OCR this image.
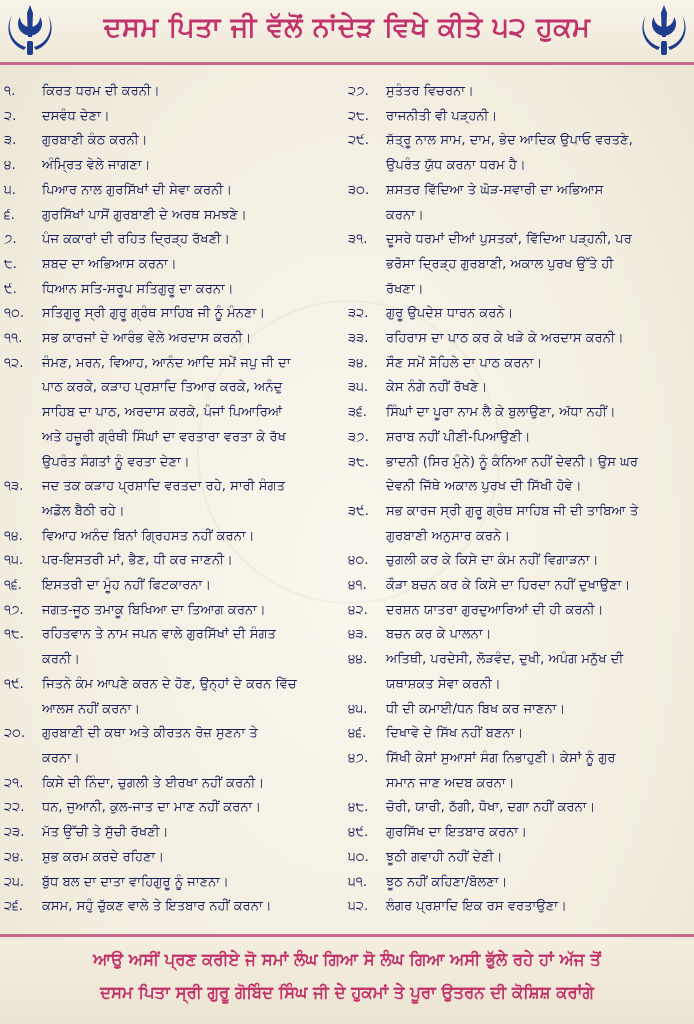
ਦਸਮ ਪਿਤਾ ਜੀ ਵੱਲੋਂ ਨਾਂਦੇੜ ਵਿਖੇ ਕੀਤੇ ੫੨ ਹੁਕਮ
੧.	ਕਿਰਤ ਧਰਮ ਦੀ ਕਰਨੀ।
੨.	ਦਸਵੰਧ ਦੇਣਾ।
੩.	ਗੁਰਬਾਣੀ ਕੰਠ ਕਰਨੀ।
੪.	ਅੰਮ੍ਰਿਤ ਵੇਲੇ ਜਾਗਣਾ।
੫.	ਪਿਆਰ ਨਾਲ ਗੁਰਸਿੱਖਾਂ ਦੀ ਸੇਵਾ ਕਰਨੀ।
੬.	ਗੁਰਸਿੱਖਾਂ ਪਾਸੋਂ ਗੁਰਬਾਣੀ ਦੇ ਅਰਥ ਸਮਝਣੇ।
੭.	ਪੰਜ ਕਕਾਰਾਂ ਦੀ ਰਹਿਤ ਦ੍ਰਿੜ੍ਹ ਰੱਖਣੀ।
੮.	ਸ਼ਬਦ ਦਾ ਅਭਿਆਸ ਕਰਨਾ।
੯.	ਧਿਆਨ ਸਤਿ-ਸਰੂਪ ਸਤਿਗੁਰੂ ਦਾ ਕਰਨਾ।
੧੦.	ਸਤਿਗੁਰੂ ਸ੍ਰੀ ਗੁਰੂ ਗ੍ਰੰਥ ਸਾਹਿਬ ਜੀ ਨੂੰ ਮੰਨਣਾ।
੧੧.	ਸਭ ਕਾਰਜਾਂ ਦੇ ਆਰੰਭ ਵੇਲੇ ਅਰਦਾਸ ਕਰਨੀ।
੧੨.	ਜੰਮਣ, ਮਰਨ, ਵਿਆਹ, ਆਨੰਦ ਆਦਿ ਸਮੇਂ ਜਪੁ ਜੀ ਦਾ
ਪਾਠ ਕਰਕੇ, ਕੜਾਹ ਪ੍ਰਸ਼ਾਦਿ ਤਿਆਰ ਕਰਕੇ, ਅਨੰਦੁ
ਸਾਹਿਬ ਦਾ ਪਾਠ, ਅਰਦਾਸ ਕਰਕੇ, ਪੰਜਾਂ ਪਿਆਰਿਆਂ
ਅਤੇ ਹਜ਼ੂਰੀ ਗ੍ਰੰਥੀ ਸਿੰਘਾਂ ਦਾ ਵਰਤਾਰਾ ਵਰਤਾ ਕੇ ਰੱਖ
ਉਪਰੰਤ ਸੰਗਤਾਂ ਨੂੰ ਵਰਤਾ ਦੇਣਾ।
੧੩.	ਜਦ ਤਕ ਕੜਾਹ ਪ੍ਰਸ਼ਾਦਿ ਵਰਤਦਾ ਰਹੇ, ਸਾਰੀ ਸੰਗਤ
ਅਡੋਲ ਬੈਠੀ ਰਹੇ।
੧੪.	ਵਿਆਹ ਅਨੰਦ ਬਿਨਾਂ ਗ੍ਰਿਹਸਤ ਨਹੀਂ ਕਰਨਾ।
੧੫.	ਪਰ-ਇਸਤਰੀ ਮਾਂ, ਭੈਣ, ਧੀ ਕਰ ਜਾਣਨੀ।
੧੬.	ਇਸਤਰੀ ਦਾ ਮੂੰਹ ਨਹੀਂ ਫਿਟਕਾਰਨਾ।
੧੭.	ਜਗਤ-ਜੂਠ ਤਮਾਕੂ ਬਿਖਿਆ ਦਾ ਤਿਆਗ ਕਰਨਾ।
੧੮.	ਰਹਿਤਵਾਨ ਤੇ ਨਾਮ ਜਪਨ ਵਾਲੇ ਗੁਰਸਿੱਖਾਂ ਦੀ ਸੰਗਤ
ਕਰਨੀ।
੧੯.	ਜਿਤਨੇ ਕੰਮ ਆਪਣੇ ਕਰਨ ਦੇ ਹੋਣ, ਉਨ੍ਹਾਂ ਦੇ ਕਰਨ ਵਿੱਚ
ਆਲਸ ਨਹੀਂ ਕਰਨਾ।
੨੦.	ਗੁਰਬਾਣੀ ਦੀ ਕਥਾ ਅਤੇ ਕੀਰਤਨ ਰੋਜ਼ ਸੁਣਨਾ ਤੇ
ਕਰਨਾ।
੨੧.	ਕਿਸੇ ਦੀ ਨਿੰਦਾ, ਚੁਗਲੀ ਤੇ ਈਰਖਾ ਨਹੀਂ ਕਰਨੀ।
੨੨.	ਧਨ, ਜੁਆਨੀ, ਕੁਲ-ਜਾਤ ਦਾ ਮਾਣ ਨਹੀਂ ਕਰਨਾ।
੨੩.	ਮੱਤ ਉੱਚੀ ਤੇ ਸੁੱਚੀ ਰੱਖਣੀ।
੨੪.	ਸ਼ੁਭ ਕਰਮ ਕਰਦੇ ਰਹਿਣਾ।
੨੫.	ਬੁੱਧ ਬਲ ਦਾ ਦਾਤਾ ਵਾਹਿਗੁਰੂ ਨੂੰ ਜਾਣਨਾ।
੨੬.	ਕਸਮ, ਸਹੁੰ ਚੁੱਕਣ ਵਾਲੇ ਤੇ ਇਤਬਾਰ ਨਹੀਂ ਕਰਨਾ।
੨੭.	ਸੁਤੰਤਰ ਵਿਚਰਨਾ।
੨੮.	ਰਾਜਨੀਤੀ ਵੀ ਪੜ੍ਹਨੀ।
੨੯.	ਸ਼ੱਤ੍ਰੂ ਨਾਲ ਸਾਮ, ਦਾਮ, ਭੇਦ ਆਦਿਕ ਉਪਾਓ ਵਰਤਣੇ,
ਉਪਰੰਤ ਯੁੱਧ ਕਰਨਾ ਧਰਮ ਹੈ।
੩੦.	ਸ਼ਸਤਰ ਵਿੱਦਿਆ ਤੇ ਘੋੜ-ਸਵਾਰੀ ਦਾ ਅਭਿਆਸ
ਕਰਨਾ।
੩੧.	ਦੂਸਰੇ ਧਰਮਾਂ ਦੀਆਂ ਪੁਸਤਕਾਂ, ਵਿੱਦਿਆ ਪੜ੍ਹਨੀ, ਪਰ
ਭਰੋਸਾ ਦ੍ਰਿੜ੍ਹ ਗੁਰਬਾਣੀ, ਅਕਾਲ ਪੁਰਖ ਉੱਤੇ ਹੀ
ਰੱਖਣਾ।
੩੨.	ਗੁਰੂ ਉਪਦੇਸ਼ ਧਾਰਨ ਕਰਨੇ।
੩੩.	ਰਹਿਰਾਸ ਦਾ ਪਾਠ ਕਰ ਕੇ ਖੜੇ ਕੇ ਅਰਦਾਸ ਕਰਨੀ।
੩੪.	ਸੌਣ ਸਮੇਂ ਸੋਹਿਲੇ ਦਾ ਪਾਠ ਕਰਨਾ।
੩੫.	ਕੇਸ ਨੰਗੇ ਨਹੀਂ ਰੱਖਣੇ।
੩੬.	ਸਿੰਘਾਂ ਦਾ ਪੂਰਾ ਨਾਮ ਲੈ ਕੇ ਬੁਲਾਉਣਾ, ਅੱਧਾ ਨਹੀਂ।
੩੭.	ਸ਼ਰਾਬ ਨਹੀਂ ਪੀਣੀ-ਪਿਆਉਣੀ।
੩੮.	ਭਾਦਨੀ (ਸਿਰ ਮੁੰਨੇ) ਨੂੰ ਕੰਨਿਆ ਨਹੀਂ ਦੇਵਨੀ। ਉਸ ਘਰ
ਦੇਵਨੀ ਜਿੱਥੇ ਅਕਾਲ ਪੁਰਖ ਦੀ ਸਿੱਖੀ ਹੋਵੇ।
੩੯.	ਸਭ ਕਾਰਜ ਸ੍ਰੀ ਗੁਰੂ ਗ੍ਰੰਥ ਸਾਹਿਬ ਜੀ ਦੀ ਤਾਬਿਆ ਤੇ
ਗੁਰਬਾਣੀ ਅਨੁਸਾਰ ਕਰਨੇ।
੪੦.	ਚੁਗਲੀ ਕਰ ਕੇ ਕਿਸੇ ਦਾ ਕੰਮ ਨਹੀਂ ਵਿਗਾੜਨਾ।
੪੧.	ਕੌੜਾ ਬਚਨ ਕਰ ਕੇ ਕਿਸੇ ਦਾ ਹਿਰਦਾ ਨਹੀਂ ਦੁਖਾਉਣਾ।
੪੨.	ਦਰਸ਼ਨ ਯਾਤਰਾ ਗੁਰਦੁਆਰਿਆਂ ਦੀ ਹੀ ਕਰਨੀ।
੪੩.	ਬਚਨ ਕਰ ਕੇ ਪਾਲਨਾ।
੪੪.	ਅਤਿਥੀ, ਪਰਦੇਸੀ, ਲੋੜਵੰਦ, ਦੁਖੀ, ਅਪੰਗ ਮਨੁੱਖ ਦੀ
ਯਥਾਸ਼ਕਤ ਸੇਵਾ ਕਰਨੀ।
੪੫.	ਧੀ ਦੀ ਕਮਾਈ/ਧਨ ਬਿਖ ਕਰ ਜਾਣਨਾ।
੪੬.	ਦਿਖਾਵੇ ਦੇ ਸਿੱਖ ਨਹੀਂ ਬਣਨਾ।
੪੭.	ਸਿੱਖੀ ਕੇਸਾਂ ਸੁਆਸਾਂ ਸੰਗ ਨਿਭਾਹੁਣੀ। ਕੇਸਾਂ ਨੂੰ ਗੁਰ
ਸਮਾਨ ਜਾਣ ਅਦਬ ਕਰਨਾ।
੪੮.	ਚੋਰੀ, ਯਾਰੀ, ਠੱਗੀ, ਧੋਖਾ, ਦਗਾ ਨਹੀਂ ਕਰਨਾ।
੪੯.	ਗੁਰਸਿੱਖ ਦਾ ਇਤਬਾਰ ਕਰਨਾ।
੫੦.	ਝੂਠੀ ਗਵਾਹੀ ਨਹੀਂ ਦੇਣੀ।
੫੧.	ਝੂਠ ਨਹੀਂ ਕਹਿਣਾ/ਬੋਲਣਾ।
੫੨.	ਲੰਗਰ ਪ੍ਰਸ਼ਾਦਿ ਇਕ ਰਸ ਵਰਤਾਉਣਾ।
ਆਉ ਅਸੀਂ ਪ੍ਰਣ ਕਰੀਏ ਜੋ ਸਮਾਂ ਲੰਘ ਗਿਆ ਸੋ ਲੰਘ ਗਿਆ ਅਸੀ ਭੁੱਲੇ ਰਹੇ ਹਾਂ ਅੱਜ ਤੋਂ
ਦਸਮ ਪਿਤਾ ਸ੍ਰੀ ਗੁਰੂ ਗੋਬਿੰਦ ਸਿੰਘ ਜੀ ਦੇ ਹੁਕਮਾਂ ਤੇ ਪੂਰਾ ਉਤਰਨ ਦੀ ਕੋਸ਼ਿਸ਼ ਕਰਾਂਗੇ
